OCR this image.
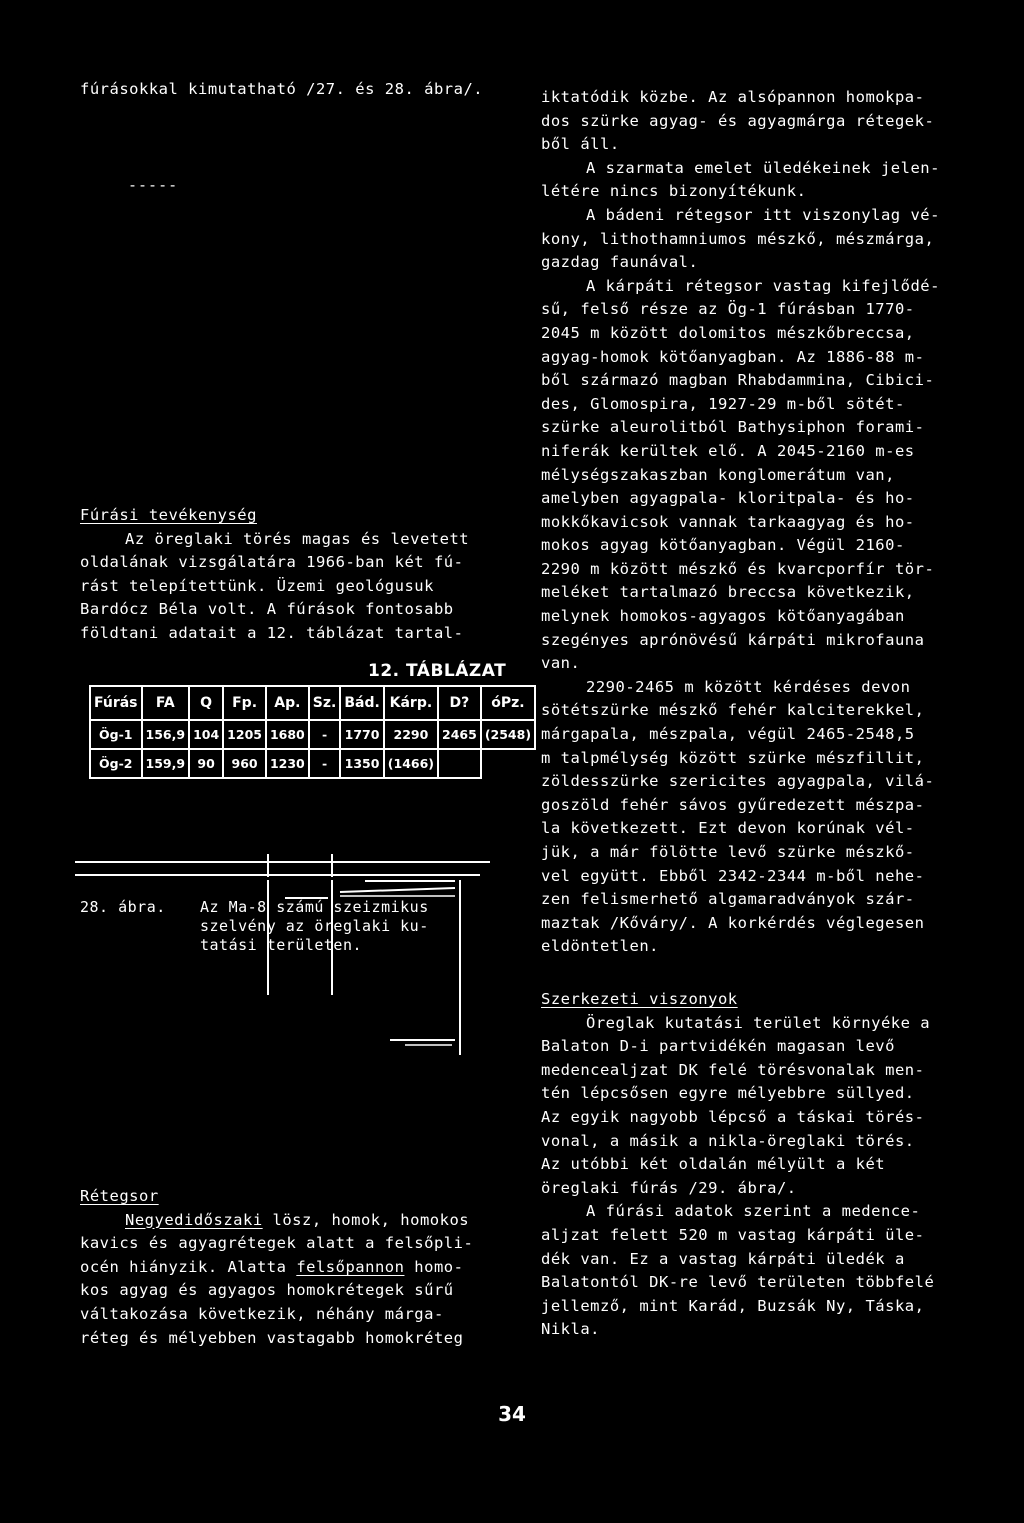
fúrásokkal kimutatható /27. és 28. ábra/.
-----
Fúrási tevékenység
Az öreglaki törés magas és levetett
oldalának vizsgálatára 1966-ban két fú-
rást telepítettünk. Üzemi geológusuk
Bardócz Béla volt. A fúrások fontosabb
földtani adatait a 12. táblázat tartal-
12. TÁBLÁZAT
Fúrás	FA	Q	Fp.	Ap.	Sz.	Bád.	Kárp.	D?	óPz.
Ög-1	156,9	104	1205	1680	-	1770	2290	2465	(2548)
Ög-2	159,9	90	960	1230	-	1350	(1466)		
28. ábra. Az Ma-8 számú szeizmikus
szelvény az öreglaki ku-
tatási területen.
Rétegsor
Negyedidőszaki lösz, homok, homokos
kavics és agyagrétegek alatt a felsőpli-
océn hiányzik. Alatta felsőpannon homo-
kos agyag és agyagos homokrétegek sűrű
váltakozása következik, néhány márga-
réteg és mélyebben vastagabb homokréteg
iktatódik közbe. Az alsópannon homokpa-
dos szürke agyag- és agyagmárga rétegek-
ből áll.
A szarmata emelet üledékeinek jelen-
létére nincs bizonyítékunk.
A bádeni rétegsor itt viszonylag vé-
kony, lithothamniumos mészkő, mészmárga,
gazdag faunával.
A kárpáti rétegsor vastag kifejlődé-
sű, felső része az Ög-1 fúrásban 1770-
2045 m között dolomitos mészkőbreccsa,
agyag-homok kötőanyagban. Az 1886-88 m-
ből származó magban Rhabdammina, Cibici-
des, Glomospira, 1927-29 m-ből sötét-
szürke aleurolitból Bathysiphon forami-
niferák kerültek elő. A 2045-2160 m-es
mélységszakaszban konglomerátum van,
amelyben agyagpala- kloritpala- és ho-
mokkőkavicsok vannak tarkaagyag és ho-
mokos agyag kötőanyagban. Végül 2160-
2290 m között mészkő és kvarcporfír tör-
meléket tartalmazó breccsa következik,
melynek homokos-agyagos kötőanyagában
szegényes aprónövésű kárpáti mikrofauna
van.
2290-2465 m között kérdéses devon
sötétszürke mészkő fehér kalciterekkel,
márgapala, mészpala, végül 2465-2548,5
m talpmélység között szürke mészfillit,
zöldesszürke szericites agyagpala, vilá-
goszöld fehér sávos gyűredezett mészpa-
la következett. Ezt devon korúnak vél-
jük, a már fölötte levő szürke mészkő-
vel együtt. Ebből 2342-2344 m-ből nehe-
zen felismerhető algamaradványok szár-
maztak /Kőváry/. A korkérdés véglegesen
eldöntetlen.
Szerkezeti viszonyok
Öreglak kutatási terület környéke a
Balaton D-i partvidékén magasan levő
medencealjzat DK felé törésvonalak men-
tén lépcsősen egyre mélyebbre süllyed.
Az egyik nagyobb lépcső a táskai törés-
vonal, a másik a nikla-öreglaki törés.
Az utóbbi két oldalán mélyült a két
öreglaki fúrás /29. ábra/.
A fúrási adatok szerint a medence-
aljzat felett 520 m vastag kárpáti üle-
dék van. Ez a vastag kárpáti üledék a
Balatontól DK-re levő területen többfelé
jellemző, mint Karád, Buzsák Ny, Táska,
Nikla.
34
